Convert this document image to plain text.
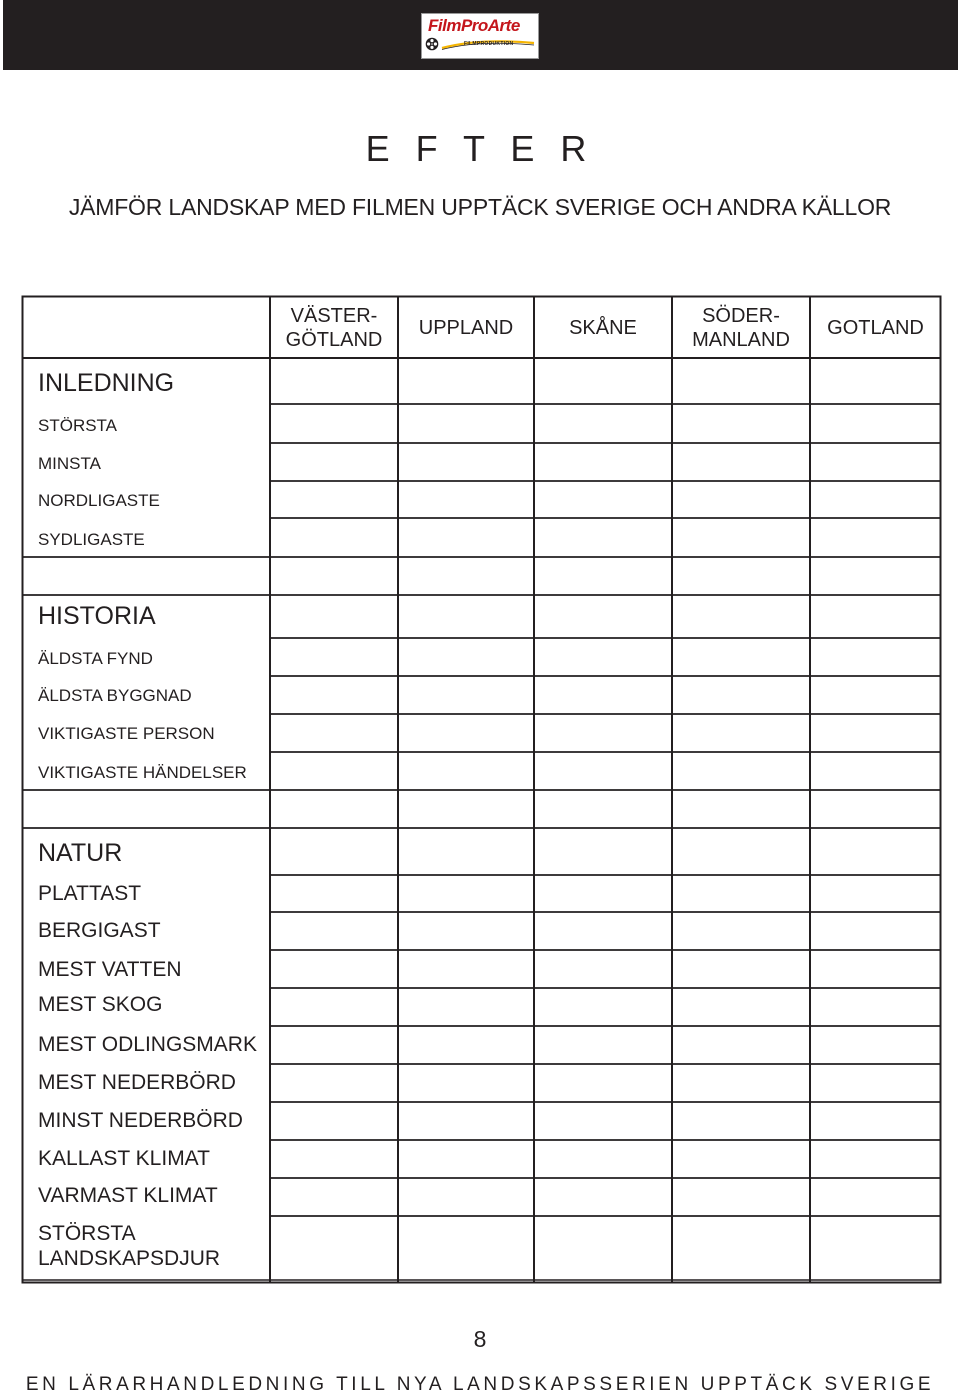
FilmProArte
FILMPRODUKTION
E F T E R
JÄMFÖR LANDSKAP MED FILMEN UPPTÄCK SVERIGE OCH ANDRA KÄLLOR
VÄSTER-
GÖTLAND
UPPLAND	SKÅNE
SÖDER-
MANLAND
GOTLAND
INLEDNING
STÖRSTA
MINSTA
NORDLIGASTE
SYDLIGASTE
HISTORIA
ÄLDSTA FYND
ÄLDSTA BYGGNAD
VIKTIGASTE PERSON
VIKTIGASTE HÄNDELSER
NATUR
PLATTAST
BERGIGAST
MEST VATTEN
MEST SKOG
MEST ODLINGSMARK
MEST NEDERBÖRD
MINST NEDERBÖRD
KALLAST KLIMAT
VARMAST KLIMAT
STÖRSTA
LANDSKAPSDJUR
8
EN LÄRARHANDLEDNING TILL NYA LANDSKAPSSERIEN UPPTÄCK SVERIGE
